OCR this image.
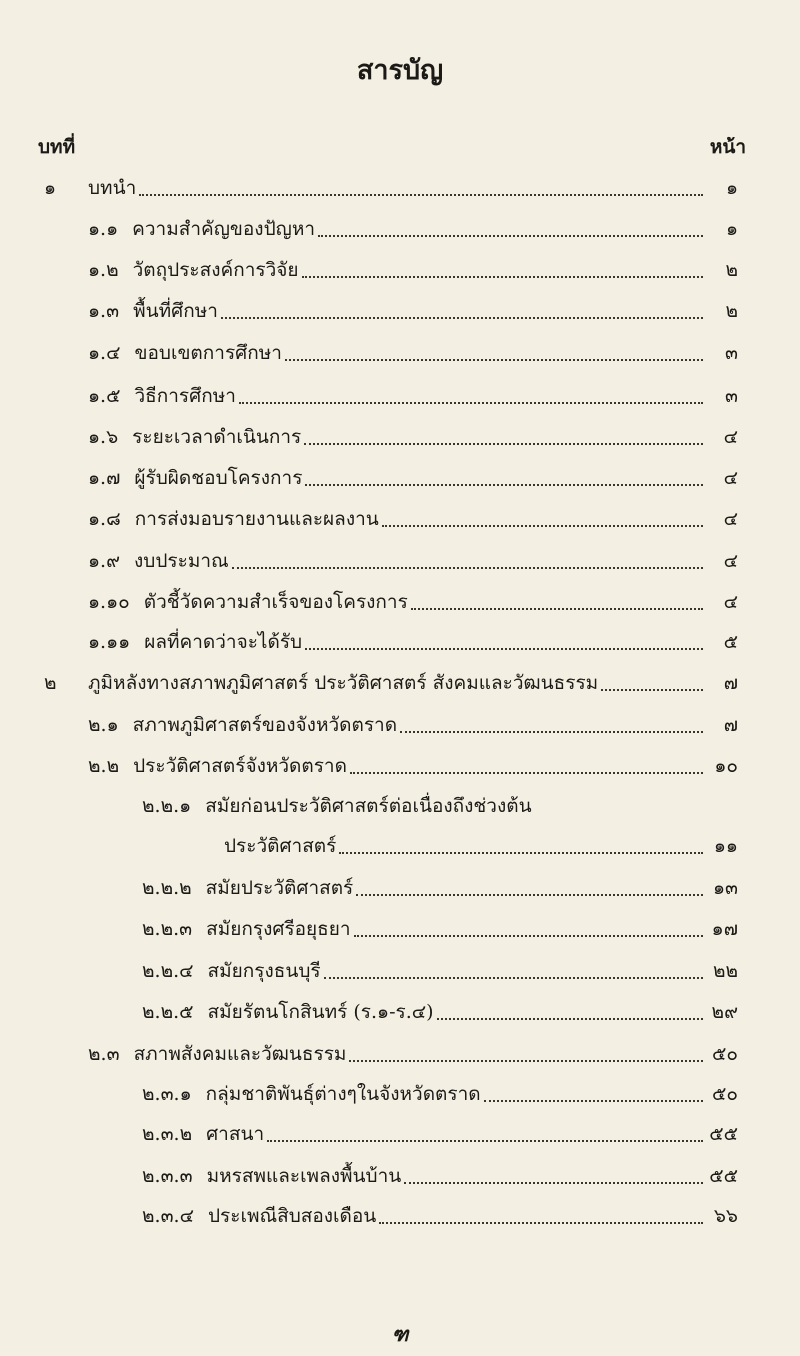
สารบัญ
บทที่	หน้า
๑	บทนำ	๑
๑.๑ ความสำคัญของปัญหา	๑
๑.๒ วัตถุประสงค์การวิจัย	๒
๑.๓ พื้นที่ศึกษา	๒
๑.๔ ขอบเขตการศึกษา	๓
๑.๕ วิธีการศึกษา	๓
๑.๖ ระยะเวลาดำเนินการ	๔
๑.๗ ผู้รับผิดชอบโครงการ	๔
๑.๘ การส่งมอบรายงานและผลงาน	๔
๑.๙ งบประมาณ	๔
๑.๑๐ ตัวชี้วัดความสำเร็จของโครงการ	๔
๑.๑๑ ผลที่คาดว่าจะได้รับ	๕
๒	ภูมิหลังทางสภาพภูมิศาสตร์ ประวัติศาสตร์ สังคมและวัฒนธรรม	๗
๒.๑ สภาพภูมิศาสตร์ของจังหวัดตราด	๗
๒.๒ ประวัติศาสตร์จังหวัดตราด	๑๐
๒.๒.๑ สมัยก่อนประวัติศาสตร์ต่อเนื่องถึงช่วงต้น
ประวัติศาสตร์	๑๑
๒.๒.๒ สมัยประวัติศาสตร์	๑๓
๒.๒.๓ สมัยกรุงศรีอยุธยา	๑๗
๒.๒.๔ สมัยกรุงธนบุรี	๒๒
๒.๒.๕ สมัยรัตนโกสินทร์ (ร.๑-ร.๔)	๒๙
๒.๓ สภาพสังคมและวัฒนธรรม	๕๐
๒.๓.๑ กลุ่มชาติพันธุ์ต่างๆในจังหวัดตราด	๕๐
๒.๓.๒ ศาสนา	๕๕
๒.๓.๓ มหรสพและเพลงพื้นบ้าน	๕๕
๒.๓.๔ ประเพณีสิบสองเดือน	๖๖
ฑ
